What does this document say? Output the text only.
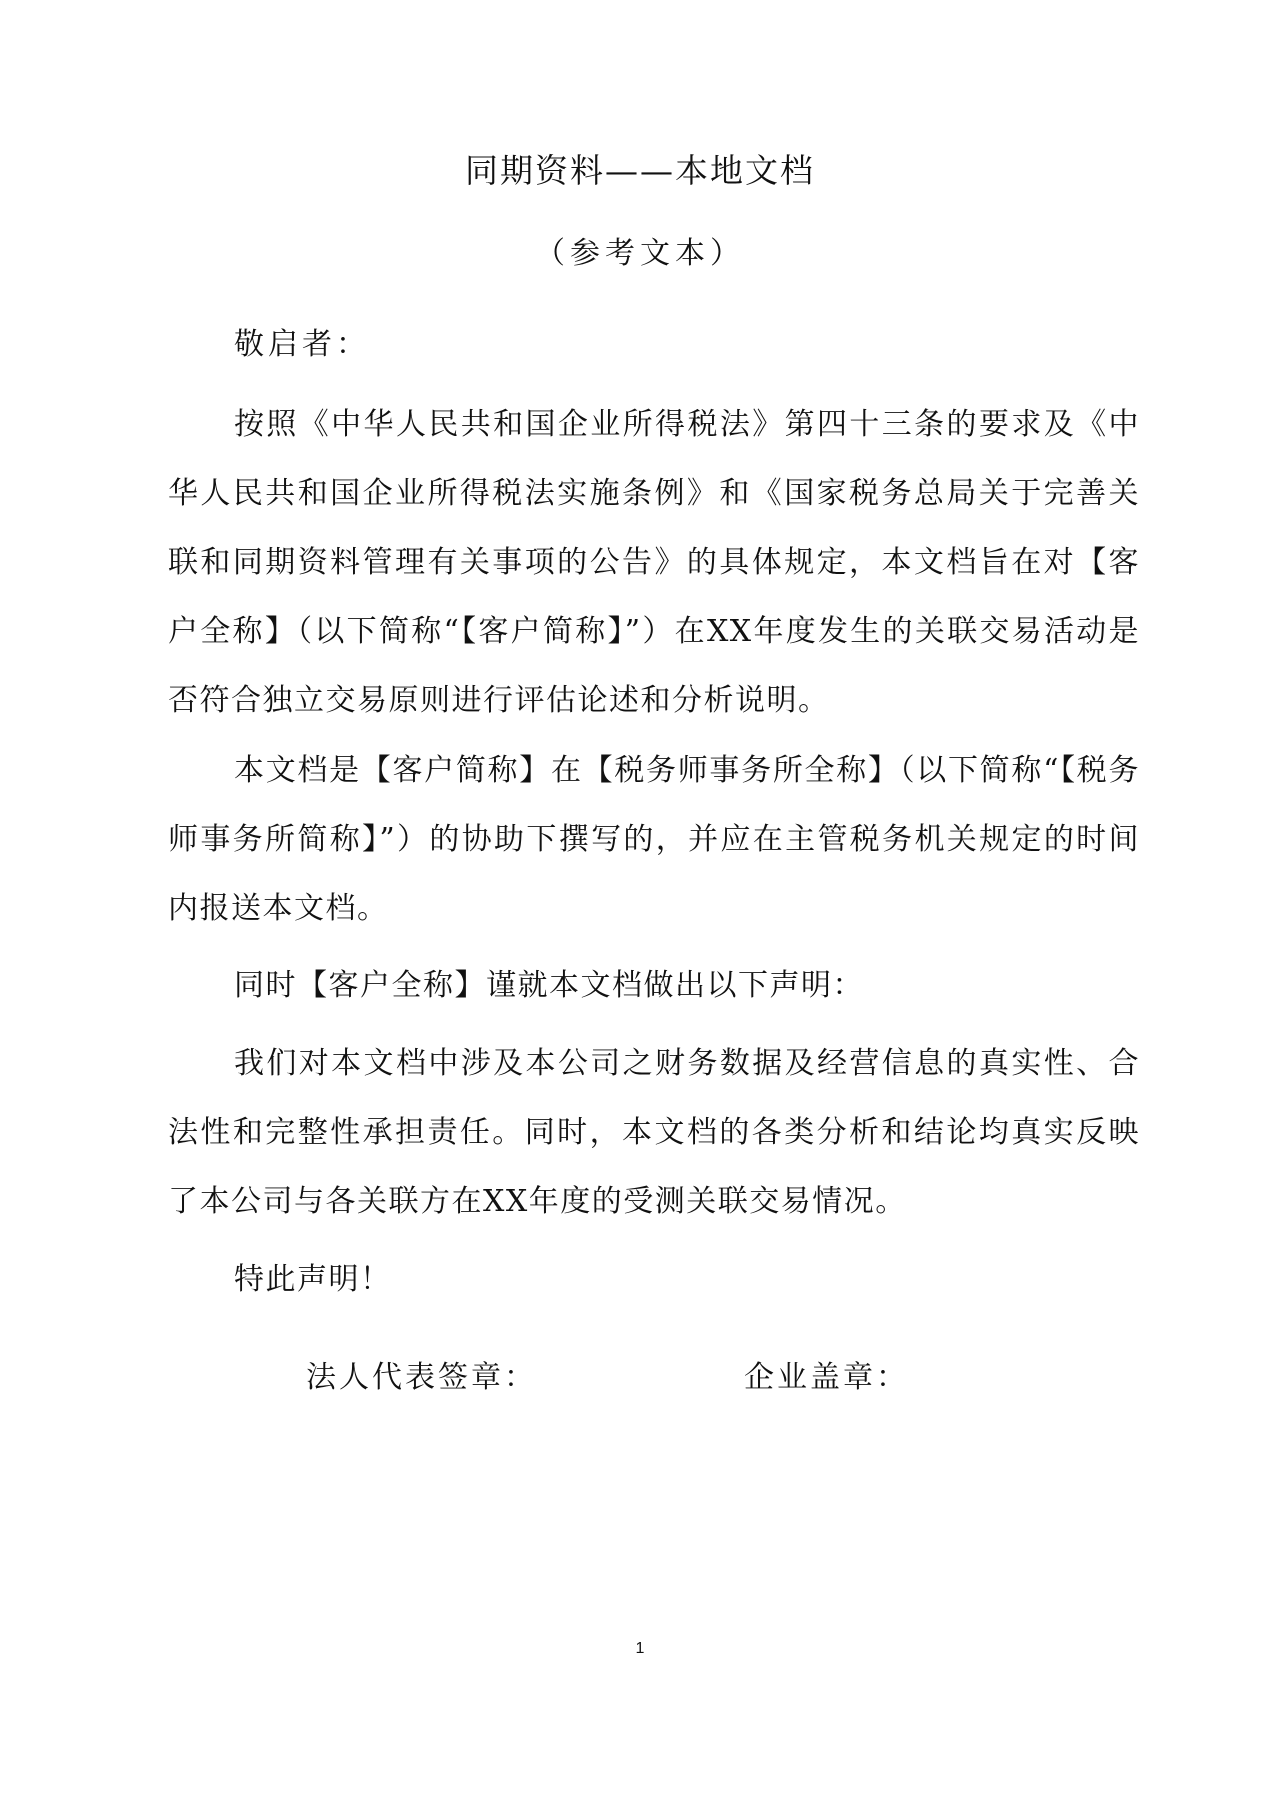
同期资料——本地文档
（参考文本）
敬启者：
按照《中华人民共和国企业所得税法》第四十三条的要求及《中华人民共和国企业所得税法实施条例》和《国家税务总局关于完善关联和同期资料管理有关事项的公告》的具体规定，本文档旨在对【客户全称】（以下简称“【客户简称】”）在XX年度发生的关联交易活动是否符合独立交易原则进行评估论述和分析说明。
本文档是【客户简称】在【税务师事务所全称】（以下简称“【税务师事务所简称】”）的协助下撰写的，并应在主管税务机关规定的时间内报送本文档。
同时【客户全称】谨就本文档做出以下声明：
我们对本文档中涉及本公司之财务数据及经营信息的真实性、合法性和完整性承担责任。同时，本文档的各类分析和结论均真实反映了本公司与各关联方在XX年度的受测关联交易情况。
特此声明！
法人代表签章：	企业盖章：
1
